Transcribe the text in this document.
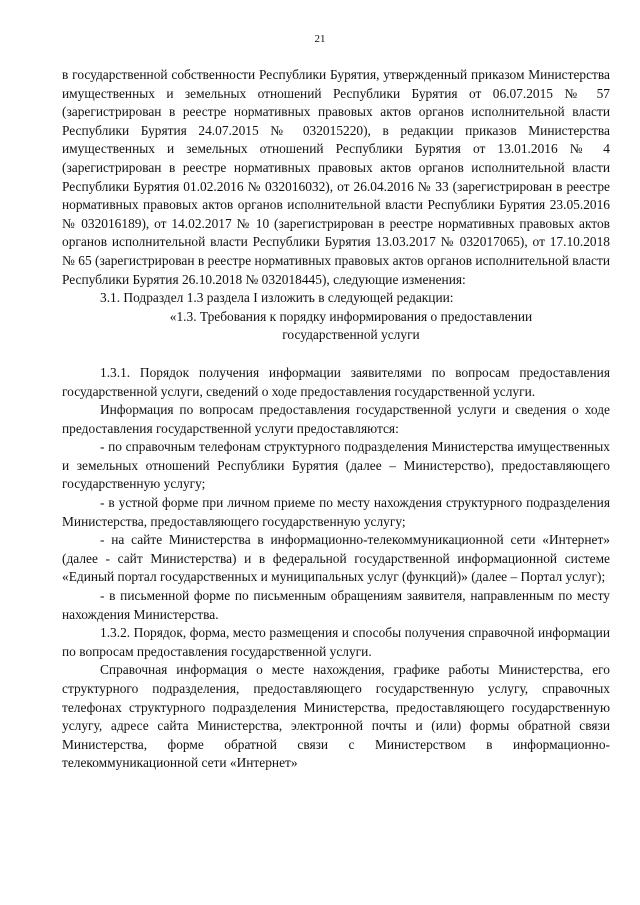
21

в государственной собственности Республики Бурятия, утвержденный приказом Министерства имущественных и земельных отношений Республики Бурятия от 06.07.2015 № 57 (зарегистрирован в реестре нормативных правовых актов органов исполнительной власти Республики Бурятия 24.07.2015 № 032015220), в редакции приказов Министерства имущественных и земельных отношений Республики Бурятия от 13.01.2016 № 4 (зарегистрирован в реестре нормативных правовых актов органов исполнительной власти Республики Бурятия 01.02.2016 № 032016032), от 26.04.2016 № 33 (зарегистрирован в реестре нормативных правовых актов органов исполнительной власти Республики Бурятия 23.05.2016 № 032016189), от 14.02.2017 № 10 (зарегистрирован в реестре нормативных правовых актов органов исполнительной власти Республики Бурятия 13.03.2017 № 032017065), от 17.10.2018 № 65 (зарегистрирован в реестре нормативных правовых актов органов исполнительной власти Республики Бурятия 26.10.2018 № 032018445), следующие изменения:

3.1. Подраздел 1.3 раздела I изложить в следующей редакции:

«1.3. Требования к порядку информирования о предоставлении государственной услуги

1.3.1. Порядок получения информации заявителями по вопросам предоставления государственной услуги, сведений о ходе предоставления государственной услуги.

Информация по вопросам предоставления государственной услуги и сведения о ходе предоставления государственной услуги предоставляются:

- по справочным телефонам структурного подразделения Министерства имущественных и земельных отношений Республики Бурятия (далее – Министерство), предоставляющего государственную услугу;

- в устной форме при личном приеме по месту нахождения структурного подразделения Министерства, предоставляющего государственную услугу;

- на сайте Министерства в информационно-телекоммуникационной сети «Интернет» (далее - сайт Министерства) и в федеральной государственной информационной системе «Единый портал государственных и муниципальных услуг (функций)» (далее – Портал услуг);

- в письменной форме по письменным обращениям заявителя, направленным по месту нахождения Министерства.

1.3.2. Порядок, форма, место размещения и способы получения справочной информации по вопросам предоставления государственной услуги.

Справочная информация о месте нахождения, графике работы Министерства, его структурного подразделения, предоставляющего государственную услугу, справочных телефонах структурного подразделения Министерства, предоставляющего государственную услугу, адресе сайта Министерства, электронной почты и (или) формы обратной связи Министерства, форме обратной связи с Министерством в информационно- телекоммуникационной сети «Интернет»
